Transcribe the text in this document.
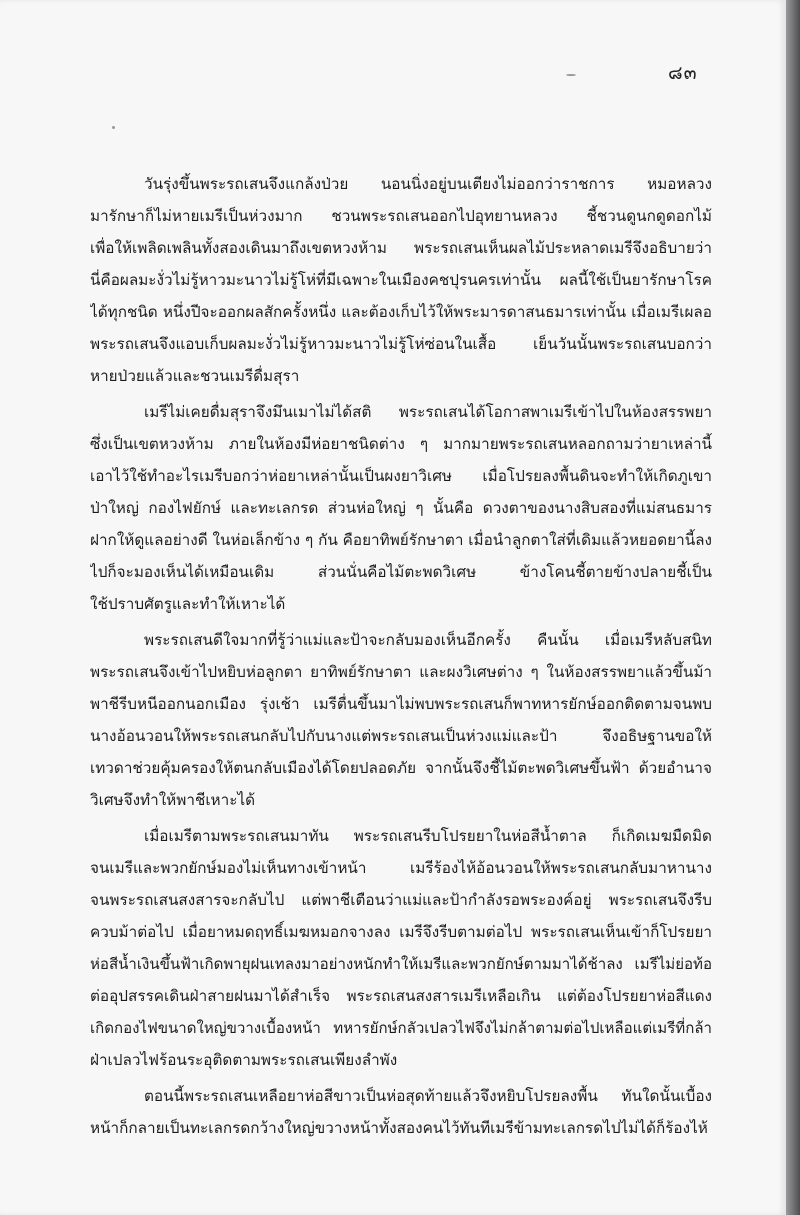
๘๓
วันรุ่งขึ้นพระรถเสนจึงแกล้งป่วย นอนนิ่งอยู่บนเตียงไม่ออกว่าราชการ หมอหลวง
มารักษาก็ไม่หายเมรีเป็นห่วงมาก ชวนพระรถเสนออกไปอุทยานหลวง ชี้ชวนดูนกดูดอกไม้
เพื่อให้เพลิดเพลินทั้งสองเดินมาถึงเขตหวงห้าม พระรถเสนเห็นผลไม้ประหลาดเมรีจึงอธิบายว่า
นี่คือผลมะงั่วไม่รู้หาวมะนาวไม่รู้โห่ที่มีเฉพาะในเมืองคชปุรนครเท่านั้น ผลนี้ใช้เป็นยารักษาโรค
ได้ทุกชนิด หนึ่งปีจะออกผลสักครั้งหนึ่ง และต้องเก็บไว้ให้พระมารดาสนธมารเท่านั้น เมื่อเมรีเผลอ
พระรถเสนจึงแอบเก็บผลมะงั่วไม่รู้หาวมะนาวไม่รู้โห่ซ่อนในเสื้อ เย็นวันนั้นพระรถเสนบอกว่า
หายป่วยแล้วและชวนเมรีดื่มสุรา
เมรีไม่เคยดื่มสุราจึงมึนเมาไม่ได้สติ พระรถเสนได้โอกาสพาเมรีเข้าไปในห้องสรรพยา
ซึ่งเป็นเขตหวงห้าม ภายในห้องมีห่อยาชนิดต่าง ๆ มากมายพระรถเสนหลอกถามว่ายาเหล่านี้
เอาไว้ใช้ทำอะไรเมรีบอกว่าห่อยาเหล่านั้นเป็นผงยาวิเศษ เมื่อโปรยลงพื้นดินจะทำให้เกิดภูเขา
ป่าใหญ่ กองไฟยักษ์ และทะเลกรด ส่วนห่อใหญ่ ๆ นั้นคือ ดวงตาของนางสิบสองที่แม่สนธมาร
ฝากให้ดูแลอย่างดี ในห่อเล็กข้าง ๆ กัน คือยาทิพย์รักษาตา เมื่อนำลูกตาใส่ที่เดิมแล้วหยอดยานี้ลง
ไปก็จะมองเห็นได้เหมือนเดิม ส่วนนั่นคือไม้ตะพดวิเศษ ข้างโคนชี้ตายข้างปลายชี้เป็น
ใช้ปราบศัตรูและทำให้เหาะได้
พระรถเสนดีใจมากที่รู้ว่าแม่และป้าจะกลับมองเห็นอีกครั้ง คืนนั้น เมื่อเมรีหลับสนิท
พระรถเสนจึงเข้าไปหยิบห่อลูกตา ยาทิพย์รักษาตา และผงวิเศษต่าง ๆ ในห้องสรรพยาแล้วขึ้นม้า
พาชีรีบหนีออกนอกเมือง รุ่งเช้า เมรีตื่นขึ้นมาไม่พบพระรถเสนก็พาทหารยักษ์ออกติดตามจนพบ
นางอ้อนวอนให้พระรถเสนกลับไปกับนางแต่พระรถเสนเป็นห่วงแม่และป้า จึงอธิษฐานขอให้
เทวดาช่วยคุ้มครองให้ตนกลับเมืองได้โดยปลอดภัย จากนั้นจึงชี้ไม้ตะพดวิเศษขึ้นฟ้า ด้วยอำนาจ
วิเศษจึงทำให้พาชีเหาะได้
เมื่อเมรีตามพระรถเสนมาทัน พระรถเสนรีบโปรยยาในห่อสีน้ำตาล ก็เกิดเมฆมืดมิด
จนเมรีและพวกยักษ์มองไม่เห็นทางเข้าหน้า เมรีร้องไห้อ้อนวอนให้พระรถเสนกลับมาหานาง
จนพระรถเสนสงสารจะกลับไป แต่พาชีเตือนว่าแม่และป้ากำลังรอพระองค์อยู่ พระรถเสนจึงรีบ
ควบม้าต่อไป เมื่อยาหมดฤทธิ์เมฆหมอกจางลง เมรีจึงรีบตามต่อไป พระรถเสนเห็นเข้าก็โปรยยา
ห่อสีน้ำเงินขึ้นฟ้าเกิดพายุฝนเทลงมาอย่างหนักทำให้เมรีและพวกยักษ์ตามมาได้ช้าลง เมรีไม่ย่อท้อ
ต่ออุปสรรคเดินฝ่าสายฝนมาได้สำเร็จ พระรถเสนสงสารเมรีเหลือเกิน แต่ต้องโปรยยาห่อสีแดง
เกิดกองไฟขนาดใหญ่ขวางเบื้องหน้า ทหารยักษ์กลัวเปลวไฟจึงไม่กล้าตามต่อไปเหลือแต่เมรีที่กล้า
ฝ่าเปลวไฟร้อนระอุติดตามพระรถเสนเพียงลำพัง
ตอนนี้พระรถเสนเหลือยาห่อสีขาวเป็นห่อสุดท้ายแล้วจึงหยิบโปรยลงพื้น ทันใดนั้นเบื้อง
หน้าก็กลายเป็นทะเลกรดกว้างใหญ่ขวางหน้าทั้งสองคนไว้ทันทีเมรีข้ามทะเลกรดไปไม่ได้ก็ร้องไห้
